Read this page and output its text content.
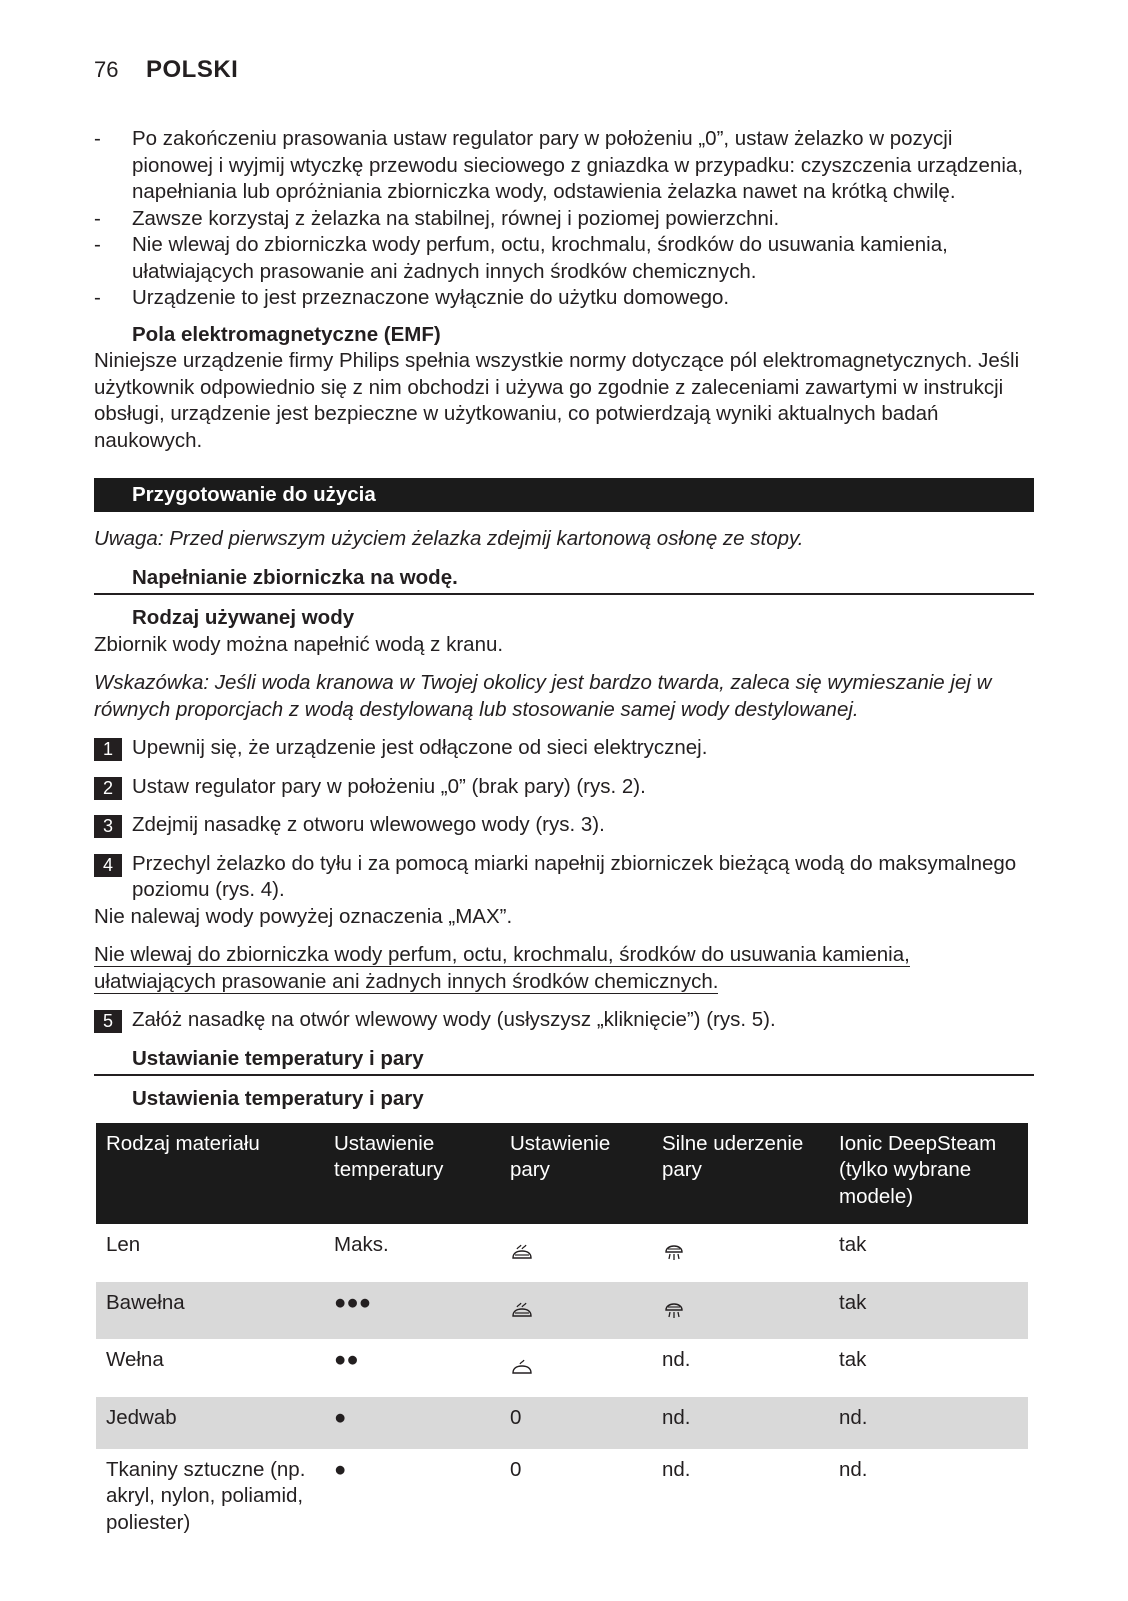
76 POLSKI
- Po zakończeniu prasowania ustaw regulator pary w położeniu „0”, ustaw żelazko w pozycji pionowej i wyjmij wtyczkę przewodu sieciowego z gniazdka w przypadku: czyszczenia urządzenia, napełniania lub opróżniania zbiorniczka wody, odstawienia żelazka nawet na krótką chwilę.
- Zawsze korzystaj z żelazka na stabilnej, równej i poziomej powierzchni.
- Nie wlewaj do zbiorniczka wody perfum, octu, krochmalu, środków do usuwania kamienia, ułatwiających prasowanie ani żadnych innych środków chemicznych.
- Urządzenie to jest przeznaczone wyłącznie do użytku domowego.
Pola elektromagnetyczne (EMF)

Niniejsze urządzenie firmy Philips spełnia wszystkie normy dotyczące pól elektromagnetycznych. Jeśli użytkownik odpowiednio się z nim obchodzi i używa go zgodnie z zaleceniami zawartymi w instrukcji obsługi, urządzenie jest bezpieczne w użytkowaniu, co potwierdzają wyniki aktualnych badań naukowych.

Przygotowanie do użycia

Uwaga: Przed pierwszym użyciem żelazka zdejmij kartonową osłonę ze stopy.

Napełnianie zbiorniczka na wodę.
Rodzaj używanej wody

Zbiornik wody można napełnić wodą z kranu.

Wskazówka: Jeśli woda kranowa w Twojej okolicy jest bardzo twarda, zaleca się wymieszanie jej w równych proporcjach z wodą destylowaną lub stosowanie samej wody destylowanej.

1 Upewnij się, że urządzenie jest odłączone od sieci elektrycznej.
2 Ustaw regulator pary w położeniu „0” (brak pary) (rys. 2).
3 Zdejmij nasadkę z otworu wlewowego wody (rys. 3).
4 Przechyl żelazko do tyłu i za pomocą miarki napełnij zbiorniczek bieżącą wodą do maksymalnego poziomu (rys. 4).

Nie nalewaj wody powyżej oznaczenia „MAX”.

Nie wlewaj do zbiorniczka wody perfum, octu, krochmalu, środków do usuwania kamienia, ułatwiających prasowanie ani żadnych innych środków chemicznych.

5 Załóż nasadkę na otwór wlewowy wody (usłyszysz „kliknięcie”) (rys. 5).
Ustawianie temperatury i pary
Ustawienia temperatury i pary
Rodzaj materiału	Ustawienie temperatury	Ustawienie pary	Silne uderzenie pary	Ionic DeepSteam (tylko wybrane modele)
Len	Maks.			tak
Bawełna	●●●			tak
Wełna	●●		nd.	tak
Jedwab	●	0	nd.	nd.
Tkaniny sztuczne (np. akryl, nylon, poliamid, poliester)	●	0	nd.	nd.
